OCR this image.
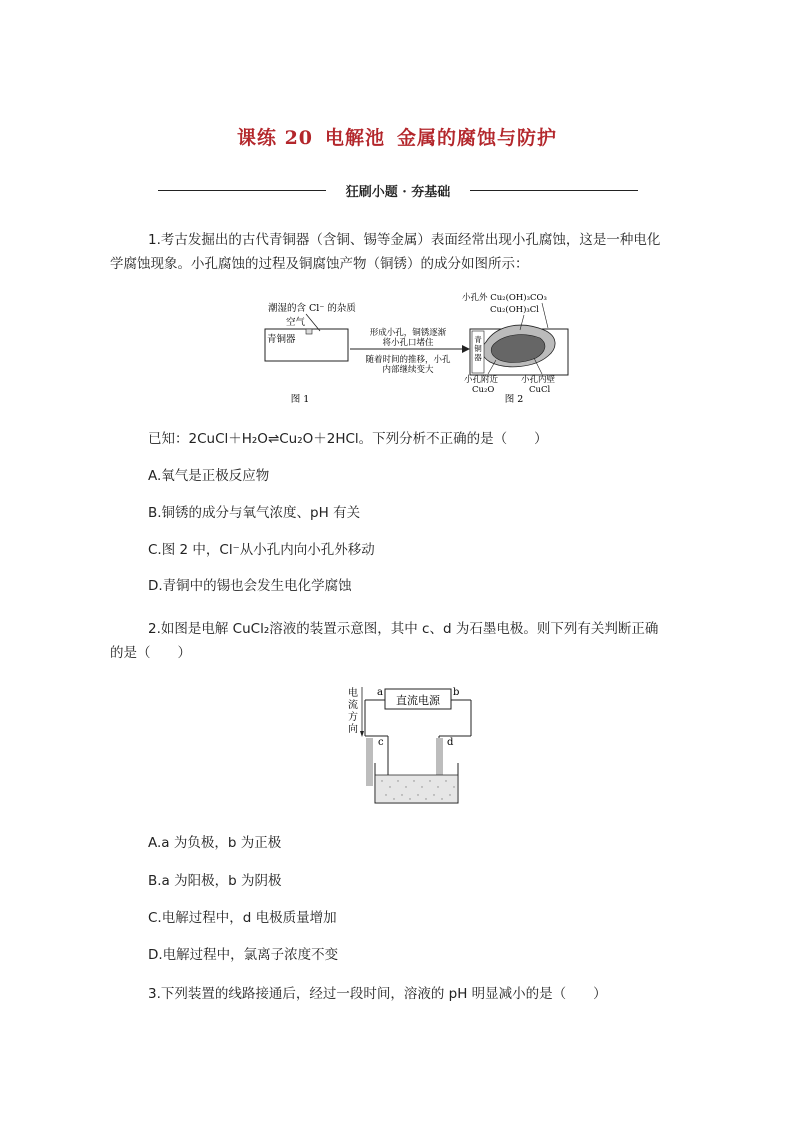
课练 20 电解池 金属的腐蚀与防护
狂刷小题 · 夯基础
1.考古发掘出的古代青铜器（含铜、锡等金属）表面经常出现小孔腐蚀，这是一种电化学腐蚀现象。小孔腐蚀的过程及铜腐蚀产物（铜锈）的成分如图所示：
潮湿的含 Cl⁻ 的杂质
空气
青铜器
图 1
形成小孔，铜锈逐渐
将小孔口堵住
随着时间的推移，小孔
内部继续变大
青铜器
小孔外 Cu₂(OH)₃CO₃
Cu₂(OH)₃Cl
小孔附近
Cu₂O
小孔内壁
CuCl
图 2
已知：2CuCl＋H₂O⇌Cu₂O＋2HCl。下列分析不正确的是（　　）
A.氧气是正极反应物
B.铜锈的成分与氧气浓度、pH 有关
C.图 2 中，Cl⁻从小孔内向小孔外移动
D.青铜中的锡也会发生电化学腐蚀
2.如图是电解 CuCl₂溶液的装置示意图，其中 c、d 为石墨电极。则下列有关判断正确的是（　　）
直流电源
a	b
c	d
电
流
方
向
A.a 为负极，b 为正极
B.a 为阳极，b 为阴极
C.电解过程中，d 电极质量增加
D.电解过程中，氯离子浓度不变
3.下列装置的线路接通后，经过一段时间，溶液的 pH 明显减小的是（　　）
